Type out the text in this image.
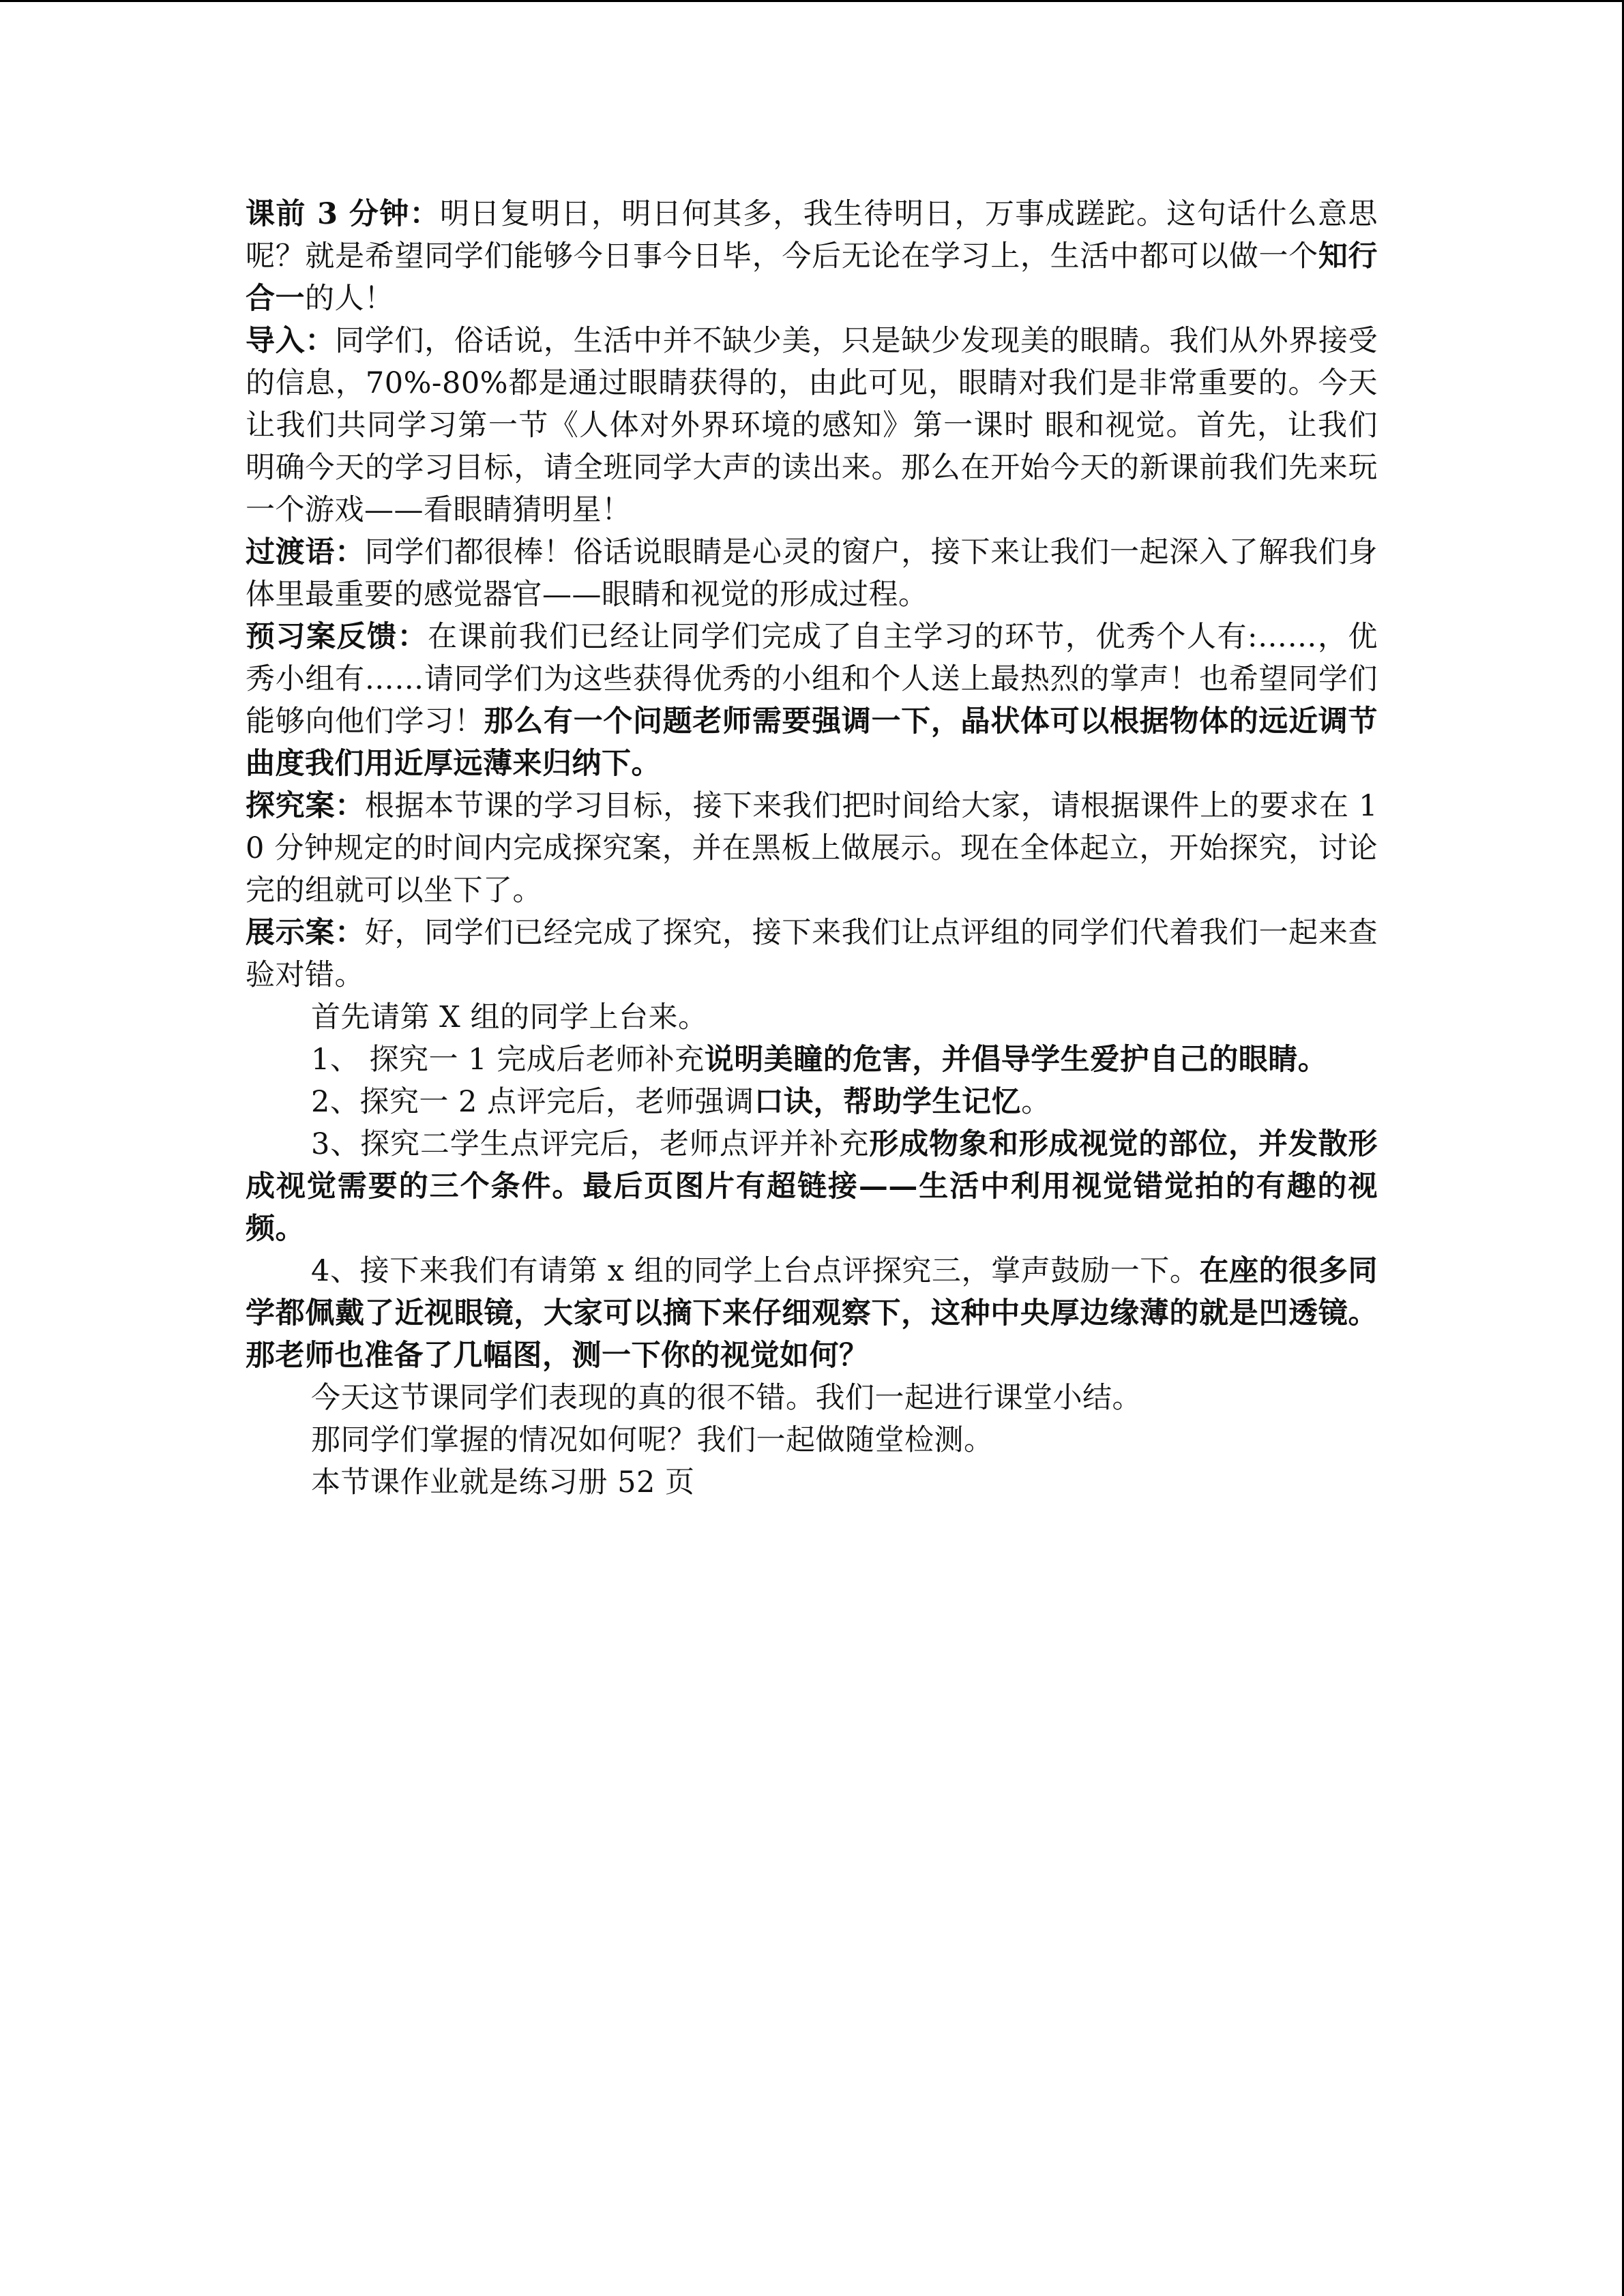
课前 3 分钟：明日复明日，明日何其多，我生待明日，万事成蹉跎。这句话什么意思呢？就是希望同学们能够今日事今日毕，今后无论在学习上，生活中都可以做一个知行合一的人！

导入：同学们，俗话说，生活中并不缺少美，只是缺少发现美的眼睛。我们从外界接受的信息，70%-80%都是通过眼睛获得的，由此可见，眼睛对我们是非常重要的。今天让我们共同学习第一节《人体对外界环境的感知》第一课时 眼和视觉。首先，让我们明确今天的学习目标，请全班同学大声的读出来。那么在开始今天的新课前我们先来玩一个游戏——看眼睛猜明星！

过渡语：同学们都很棒！俗话说眼睛是心灵的窗户，接下来让我们一起深入了解我们身体里最重要的感觉器官——眼睛和视觉的形成过程。

预习案反馈：在课前我们已经让同学们完成了自主学习的环节，优秀个人有:……，优秀小组有……请同学们为这些获得优秀的小组和个人送上最热烈的掌声！也希望同学们能够向他们学习！那么有一个问题老师需要强调一下，晶状体可以根据物体的远近调节曲度我们用近厚远薄来归纳下。

探究案：根据本节课的学习目标，接下来我们把时间给大家，请根据课件上的要求在 10 分钟规定的时间内完成探究案，并在黑板上做展示。现在全体起立，开始探究，讨论完的组就可以坐下了。

展示案：好，同学们已经完成了探究，接下来我们让点评组的同学们代着我们一起来查验对错。

首先请第 X 组的同学上台来。

1、 探究一 1 完成后老师补充说明美瞳的危害，并倡导学生爱护自己的眼睛。

2、探究一 2 点评完后，老师强调口诀，帮助学生记忆。

3、探究二学生点评完后，老师点评并补充形成物象和形成视觉的部位，并发散形成视觉需要的三个条件。最后页图片有超链接——生活中利用视觉错觉拍的有趣的视频。

4、接下来我们有请第 x 组的同学上台点评探究三，掌声鼓励一下。在座的很多同学都佩戴了近视眼镜，大家可以摘下来仔细观察下，这种中央厚边缘薄的就是凹透镜。那老师也准备了几幅图，测一下你的视觉如何？

今天这节课同学们表现的真的很不错。我们一起进行课堂小结。

那同学们掌握的情况如何呢？我们一起做随堂检测。

本节课作业就是练习册 52 页
